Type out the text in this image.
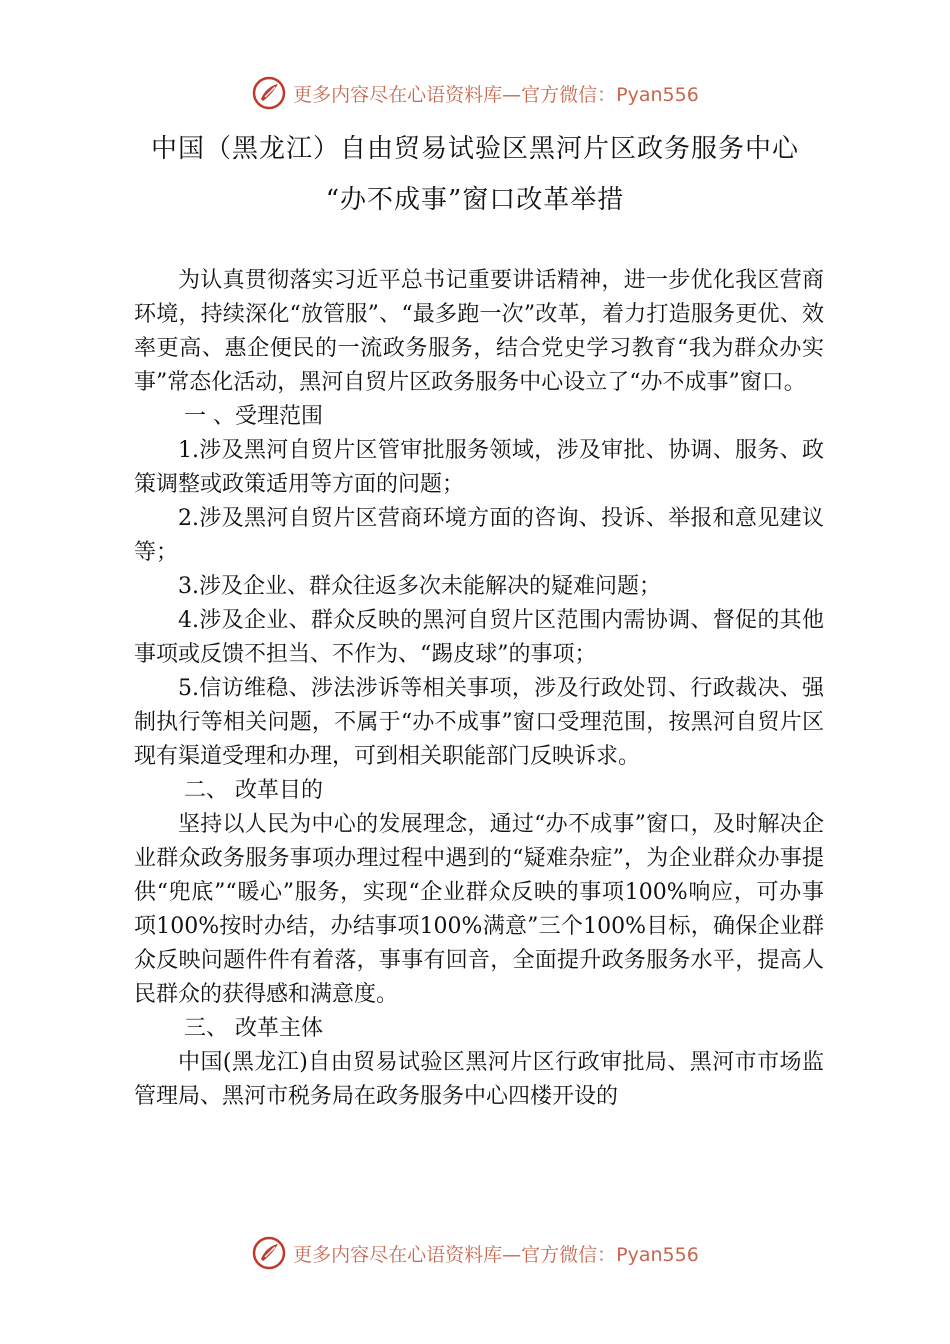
更多内容尽在心语资料库—官方微信：Pyan556
中国（黑龙江）自由贸易试验区黑河片区政务服务中心
“办不成事”窗口改革举措

为认真贯彻落实习近平总书记重要讲话精神，进一步优化我区营商环境，持续深化“放管服”、“最多跑一次”改革，着力打造服务更优、效率更高、惠企便民的一流政务服务，结合党史学习教育“我为群众办实事”常态化活动，黑河自贸片区政务服务中心设立了“办不成事”窗口。

一 、受理范围

1.涉及黑河自贸片区管审批服务领域，涉及审批、协调、服务、政策调整或政策适用等方面的问题；

2.涉及黑河自贸片区营商环境方面的咨询、投诉、举报和意见建议等；

3.涉及企业、群众往返多次未能解决的疑难问题；

4.涉及企业、群众反映的黑河自贸片区范围内需协调、督促的其他事项或反馈不担当、不作为、“踢皮球”的事项；

5.信访维稳、涉法涉诉等相关事项，涉及行政处罚、行政裁决、强制执行等相关问题，不属于“办不成事”窗口受理范围，按黑河自贸片区现有渠道受理和办理，可到相关职能部门反映诉求。

二、 改革目的

坚持以人民为中心的发展理念，通过“办不成事”窗口，及时解决企业群众政务服务事项办理过程中遇到的“疑难杂症”，为企业群众办事提供“兜底”“暖心”服务，实现“企业群众反映的事项100%响应，可办事项100%按时办结，办结事项100%满意”三个100%目标，确保企业群众反映问题件件有着落，事事有回音，全面提升政务服务水平，提高人民群众的获得感和满意度。

三、 改革主体

中国(黑龙江)自由贸易试验区黑河片区行政审批局、黑河市市场监管理局、黑河市税务局在政务服务中心四楼开设的

更多内容尽在心语资料库—官方微信：Pyan556
